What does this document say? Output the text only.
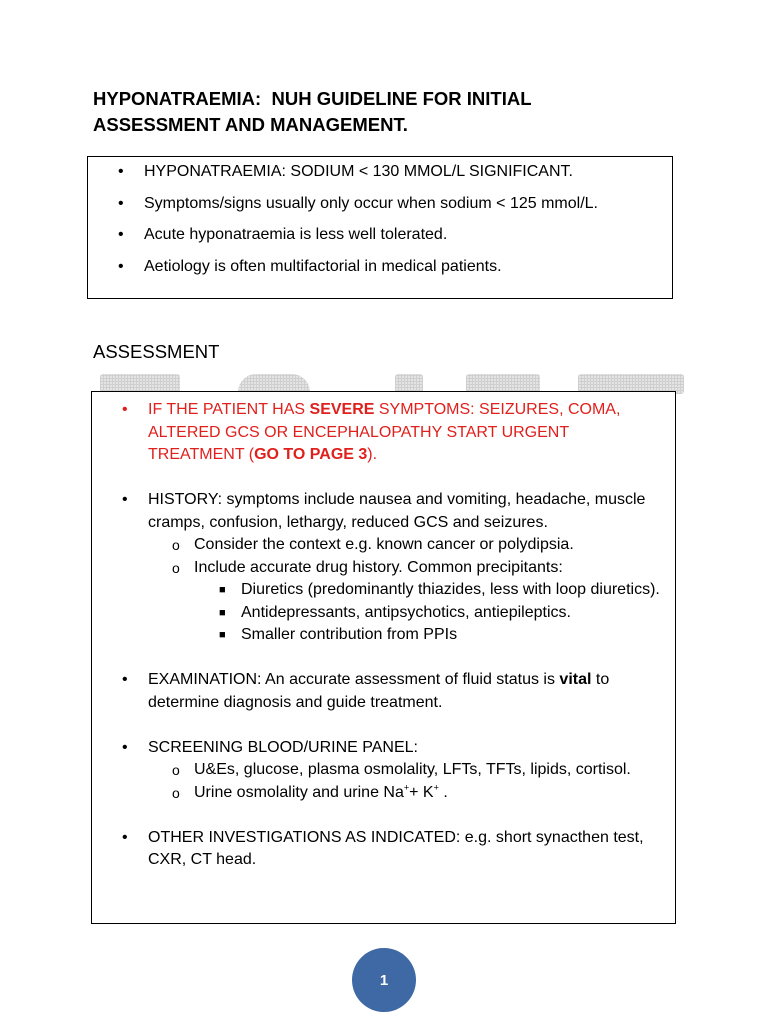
HYPONATRAEMIA:  NUH GUIDELINE FOR INITIAL
ASSESSMENT AND MANAGEMENT.
HYPONATRAEMIA: SODIUM < 130 MMOL/L SIGNIFICANT.
Symptoms/signs usually only occur when sodium < 125 mmol/L.
Acute hyponatraemia is less well tolerated.
Aetiology is often multifactorial in medical patients.
ASSESSMENT
IF THE PATIENT HAS SEVERE SYMPTOMS: SEIZURES, COMA, ALTERED GCS OR ENCEPHALOPATHY START URGENT TREATMENT (GO TO PAGE 3).
HISTORY: symptoms include nausea and vomiting, headache, muscle cramps, confusion, lethargy, reduced GCS and seizures.
o Consider the context e.g. known cancer or polydipsia.
o Include accurate drug history. Common precipitants:
■ Diuretics (predominantly thiazides, less with loop diuretics).
■ Antidepressants, antipsychotics, antiepileptics.
■ Smaller contribution from PPIs
EXAMINATION: An accurate assessment of fluid status is vital to determine diagnosis and guide treatment.
SCREENING BLOOD/URINE PANEL:
o U&Es, glucose, plasma osmolality, LFTs, TFTs, lipids, cortisol.
o Urine osmolality and urine Na++ K+ .
OTHER INVESTIGATIONS AS INDICATED: e.g. short synacthen test, CXR, CT head.
1
